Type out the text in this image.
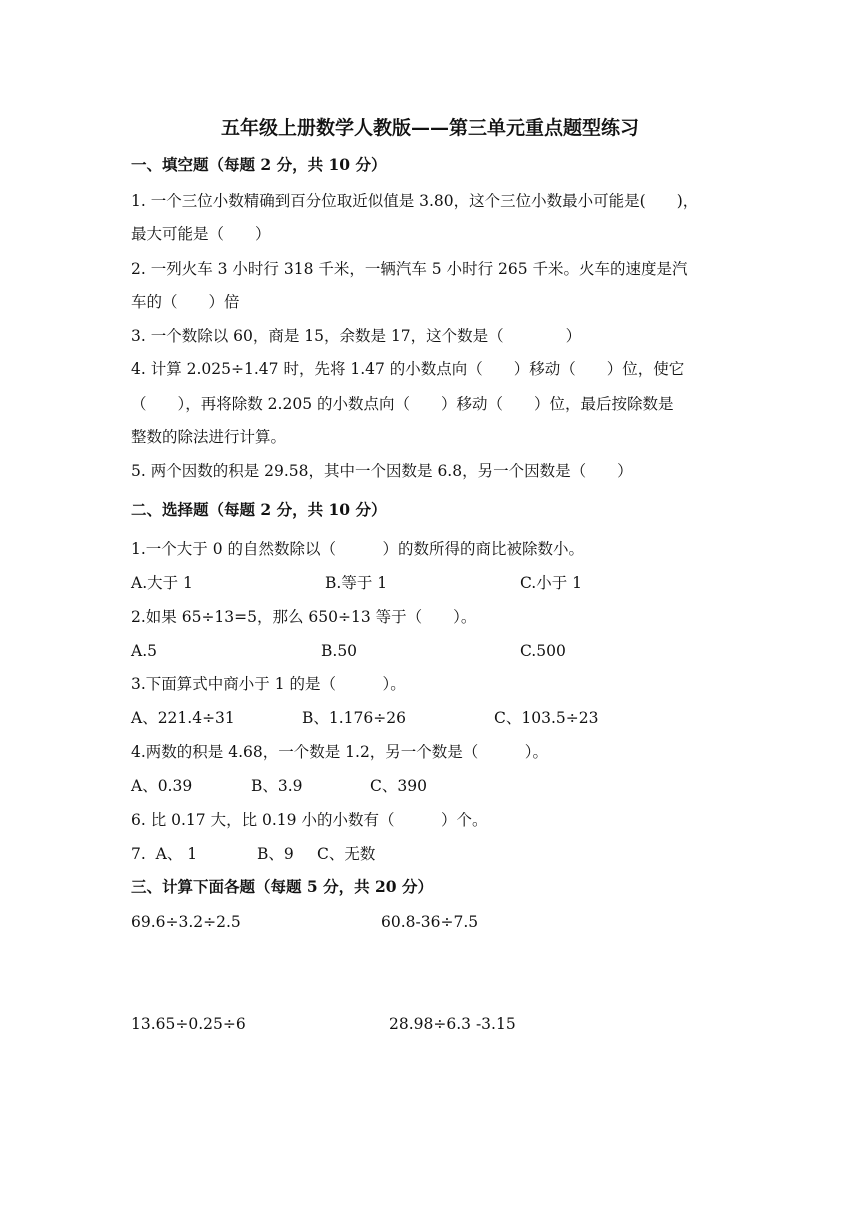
五年级上册数学人教版——第三单元重点题型练习
一、填空题（每题 2 分，共 10 分）
1. 一个三位小数精确到百分位取近似值是 3.80，这个三位小数最小可能是(　　)，
最大可能是（　　）
2. 一列火车 3 小时行 318 千米，一辆汽车 5 小时行 265 千米。火车的速度是汽
车的（　　）倍
3. 一个数除以 60，商是 15，余数是 17，这个数是（　　　　）
4. 计算 2.025÷1.47 时，先将 1.47 的小数点向（　　）移动（　　）位，使它
（　　），再将除数 2.205 的小数点向（　　）移动（　　）位，最后按除数是
整数的除法进行计算。
5. 两个因数的积是 29.58，其中一个因数是 6.8，另一个因数是（　　）
二、选择题（每题 2 分，共 10 分）
1.一个大于 0 的自然数除以（　　　）的数所得的商比被除数小。
A.大于 1	B.等于 1	C.小于 1
2.如果 65÷13=5，那么 650÷13 等于（　　）。
A.5	B.50	C.500
3.下面算式中商小于 1 的是（　　　）。
A、221.4÷31	B、1.176÷26	C、103.5÷23
4.两数的积是 4.68，一个数是 1.2，另一个数是（　　　）。
A、0.39	B、3.9	C、390
6. 比 0.17 大，比 0.19 小的小数有（　　　）个。
7.  A、 1	B、9 C、无数
三、计算下面各题（每题 5 分，共 20 分）
69.6÷3.2÷2.5	60.8-36÷7.5
13.65÷0.25÷6	28.98÷6.3 -3.15
